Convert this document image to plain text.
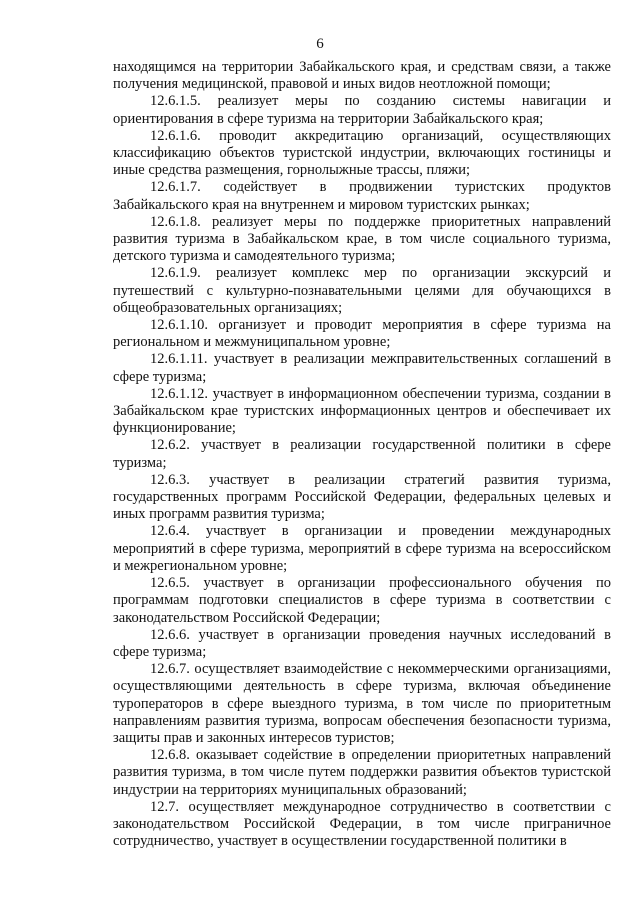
6

находящимся на территории Забайкальского края, и средствам связи, а также получения медицинской, правовой и иных видов неотложной помощи;

12.6.1.5. реализует меры по созданию системы навигации и ориентирования в сфере туризма на территории Забайкальского края;

12.6.1.6. проводит аккредитацию организаций, осуществляющих классификацию объектов туристской индустрии, включающих гостиницы и иные средства размещения, горнолыжные трассы, пляжи;

12.6.1.7. содействует в продвижении туристских продуктов Забайкальского края на внутреннем и мировом туристских рынках;

12.6.1.8. реализует меры по поддержке приоритетных направлений развития туризма в Забайкальском крае, в том числе социального туризма, детского туризма и самодеятельного туризма;

12.6.1.9. реализует комплекс мер по организации экскурсий и путешествий с культурно-познавательными целями для обучающихся в общеобразовательных организациях;

12.6.1.10. организует и проводит мероприятия в сфере туризма на региональном и межмуниципальном уровне;

12.6.1.11. участвует в реализации межправительственных соглашений в сфере туризма;

12.6.1.12. участвует в информационном обеспечении туризма, создании в Забайкальском крае туристских информационных центров и обеспечивает их функционирование;

12.6.2. участвует в реализации государственной политики в сфере туризма;

12.6.3. участвует в реализации стратегий развития туризма, государственных программ Российской Федерации, федеральных целевых и иных программ развития туризма;

12.6.4. участвует в организации и проведении международных мероприятий в сфере туризма, мероприятий в сфере туризма на всероссийском и межрегиональном уровне;

12.6.5. участвует в организации профессионального обучения по программам подготовки специалистов в сфере туризма в соответствии с законодательством Российской Федерации;

12.6.6. участвует в организации проведения научных исследований в сфере туризма;

12.6.7. осуществляет взаимодействие с некоммерческими организациями, осуществляющими деятельность в сфере туризма, включая объединение туроператоров в сфере выездного туризма, в том числе по приоритетным направлениям развития туризма, вопросам обеспечения безопасности туризма, защиты прав и законных интересов туристов;

12.6.8. оказывает содействие в определении приоритетных направлений развития туризма, в том числе путем поддержки развития объектов туристской индустрии на территориях муниципальных образований;

12.7. осуществляет международное сотрудничество в соответствии с законодательством Российской Федерации, в том числе приграничное сотрудничество, участвует в осуществлении государственной политики в
